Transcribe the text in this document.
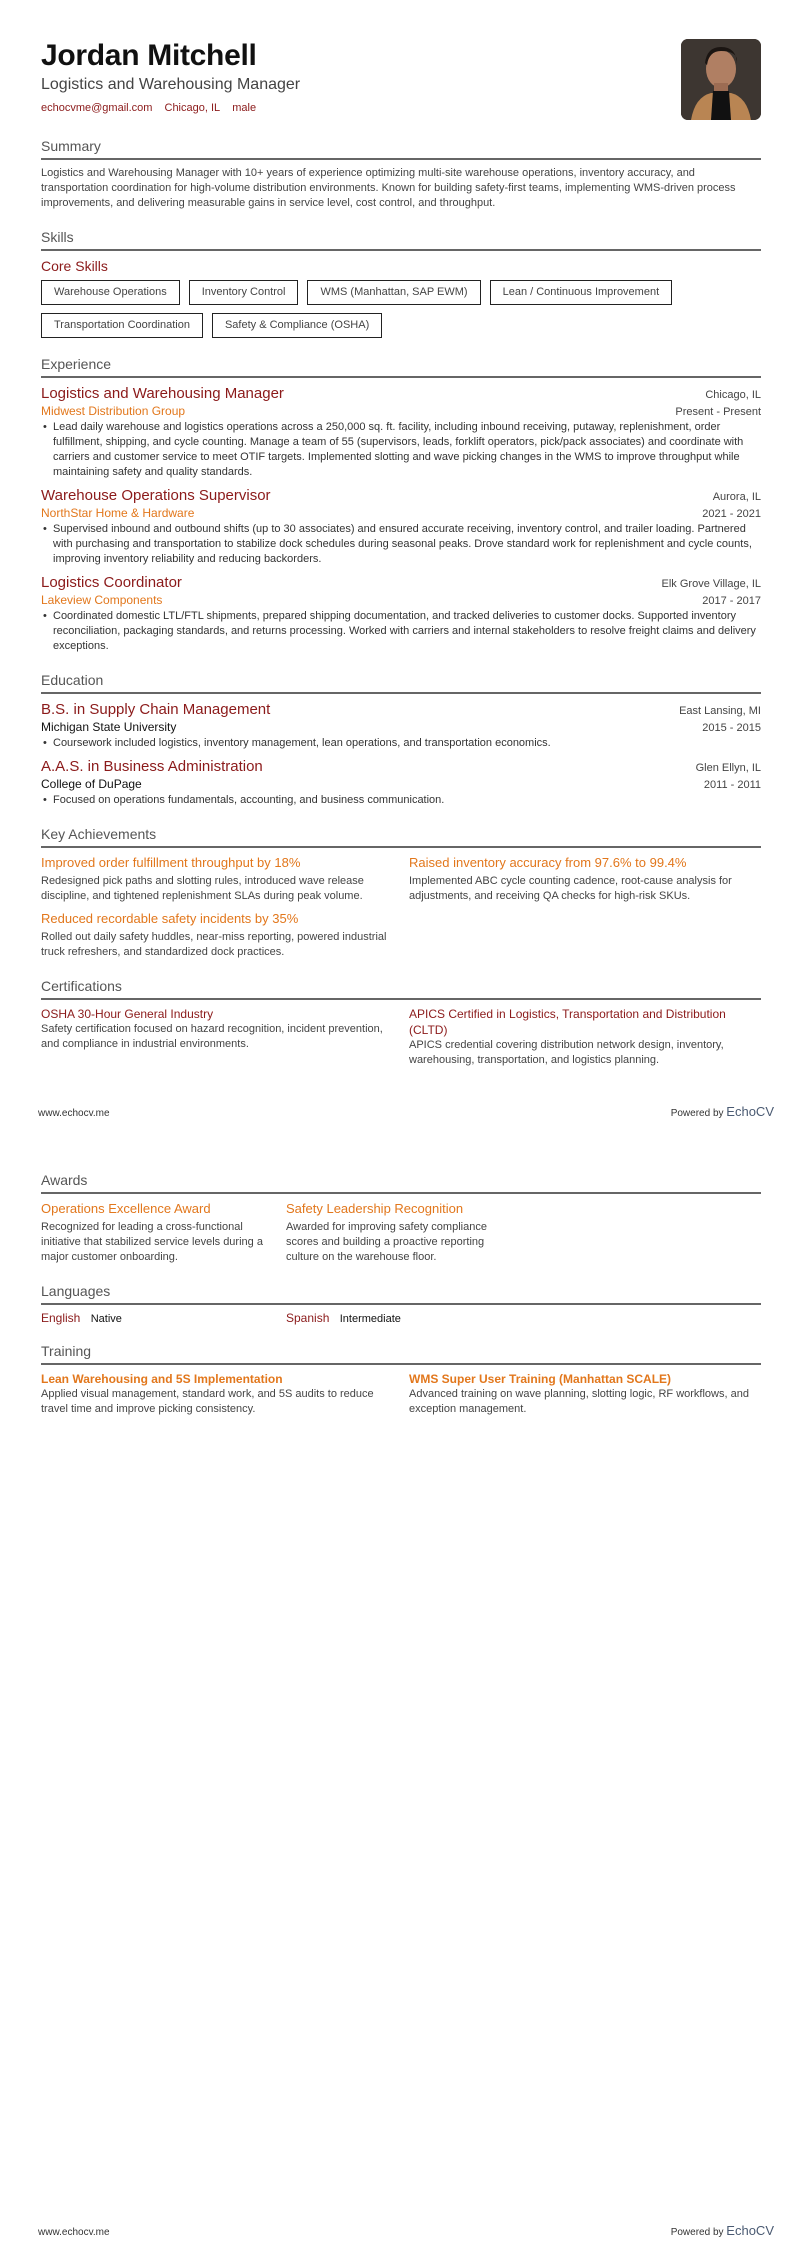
Jordan Mitchell
Logistics and Warehousing Manager
echocvme@gmail.com Chicago, IL male
Summary
Logistics and Warehousing Manager with 10+ years of experience optimizing multi-site warehouse operations, inventory accuracy, and transportation coordination for high-volume distribution environments. Known for building safety-first teams, implementing WMS-driven process improvements, and delivering measurable gains in service level, cost control, and throughput.
Skills
Core Skills
Warehouse Operations	Inventory Control	WMS (Manhattan, SAP EWM)	Lean / Continuous Improvement
Transportation Coordination	Safety & Compliance (OSHA)
Experience
Logistics and Warehousing Manager	Chicago, IL
Midwest Distribution Group	Present - Present
• Lead daily warehouse and logistics operations across a 250,000 sq. ft. facility, including inbound receiving, putaway, replenishment, order fulfillment, shipping, and cycle counting. Manage a team of 55 (supervisors, leads, forklift operators, pick/pack associates) and coordinate with carriers and customer service to meet OTIF targets. Implemented slotting and wave picking changes in the WMS to improve throughput while maintaining safety and quality standards.
Warehouse Operations Supervisor	Aurora, IL
NorthStar Home & Hardware	2021 - 2021
• Supervised inbound and outbound shifts (up to 30 associates) and ensured accurate receiving, inventory control, and trailer loading. Partnered with purchasing and transportation to stabilize dock schedules during seasonal peaks. Drove standard work for replenishment and cycle counts, improving inventory reliability and reducing backorders.
Logistics Coordinator	Elk Grove Village, IL
Lakeview Components	2017 - 2017
• Coordinated domestic LTL/FTL shipments, prepared shipping documentation, and tracked deliveries to customer docks. Supported inventory reconciliation, packaging standards, and returns processing. Worked with carriers and internal stakeholders to resolve freight claims and delivery exceptions.
Education
B.S. in Supply Chain Management	East Lansing, MI
Michigan State University	2015 - 2015
• Coursework included logistics, inventory management, lean operations, and transportation economics.
A.A.S. in Business Administration	Glen Ellyn, IL
College of DuPage	2011 - 2011
• Focused on operations fundamentals, accounting, and business communication.
Key Achievements
Improved order fulfillment throughput by 18%
Redesigned pick paths and slotting rules, introduced wave release discipline, and tightened replenishment SLAs during peak volume.
Raised inventory accuracy from 97.6% to 99.4%
Implemented ABC cycle counting cadence, root-cause analysis for adjustments, and receiving QA checks for high-risk SKUs.
Reduced recordable safety incidents by 35%
Rolled out daily safety huddles, near-miss reporting, powered industrial truck refreshers, and standardized dock practices.
Certifications
OSHA 30-Hour General Industry
Safety certification focused on hazard recognition, incident prevention, and compliance in industrial environments.
APICS Certified in Logistics, Transportation and Distribution (CLTD)
APICS credential covering distribution network design, inventory, warehousing, transportation, and logistics planning.
www.echocv.me	Powered by EchoCV
Awards
Operations Excellence Award
Recognized for leading a cross-functional initiative that stabilized service levels during a major customer onboarding.
Safety Leadership Recognition
Awarded for improving safety compliance scores and building a proactive reporting culture on the warehouse floor.
Languages
English Native	Spanish Intermediate
Training
Lean Warehousing and 5S Implementation
Applied visual management, standard work, and 5S audits to reduce travel time and improve picking consistency.
WMS Super User Training (Manhattan SCALE)
Advanced training on wave planning, slotting logic, RF workflows, and exception management.
www.echocv.me	Powered by EchoCV
